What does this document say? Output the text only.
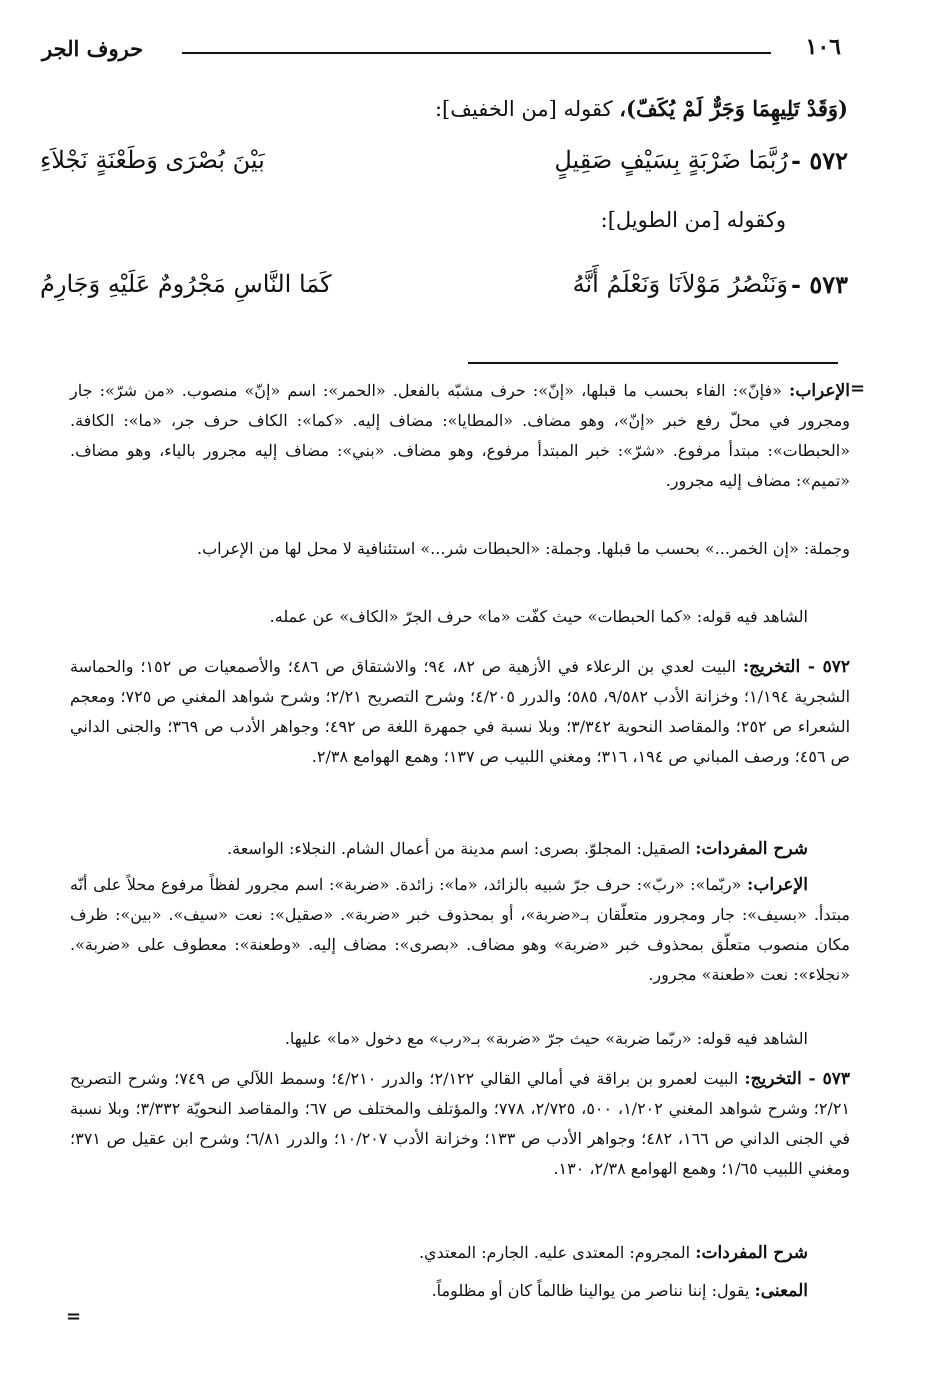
١٠٦
حروف الجر
(وَقَدْ تَلِيهِمَا وَجَرٌّ لَمْ يُكَفّ)، كقوله [من الخفيف]:
٥٧٢ -
رُبَّمَا ضَرْبَةٍ بِسَيْفٍ صَقِيلٍ
بَيْنَ بُصْرَى وَطَعْنَةٍ نَجْلاَءِ
وكقوله [من الطويل]:
٥٧٣ -
وَنَنْصُرُ مَوْلاَنَا وَنَعْلَمُ أَنَّهُ
كَمَا النَّاسِ مَجْرُومٌ عَلَيْهِ وَجَارِمُ
=
الإعراب: «فإنّ»: الفاء بحسب ما قبلها، «إنّ»: حرف مشبّه بالفعل. «الحمر»: اسم «إنّ» منصوب. «من شرّ»: جار ومجرور في محلّ رفع خبر «إنّ»، وهو مضاف. «المطايا»: مضاف إليه. «كما»: الكاف حرف جر، «ما»: الكافة. «الحبطات»: مبتدأ مرفوع. «شرّ»: خبر المبتدأ مرفوع، وهو مضاف. «بني»: مضاف إليه مجرور بالياء، وهو مضاف. «تميم»: مضاف إليه مجرور.
وجملة: «إن الخمر...» بحسب ما قبلها. وجملة: «الحبطات شر...» استئنافية لا محل لها من الإعراب.
الشاهد فيه قوله: «كما الحبطات» حيث كفّت «ما» حرف الجرّ «الكاف» عن عمله.
٥٧٢ - التخريج: البيت لعدي بن الرعلاء في الأزهية ص ٨٢، ٩٤؛ والاشتقاق ص ٤٨٦؛ والأصمعيات ص ١٥٢؛ والحماسة الشجرية ١/١٩٤؛ وخزانة الأدب ٩/٥٨٢، ٥٨٥؛ والدرر ٤/٢٠٥؛ وشرح التصريح ٢/٢١؛ وشرح شواهد المغني ص ٧٢٥؛ ومعجم الشعراء ص ٢٥٢؛ والمقاصد النحوية ٣/٣٤٢؛ وبلا نسبة في جمهرة اللغة ص ٤٩٢؛ وجواهر الأدب ص ٣٦٩؛ والجنى الداني ص ٤٥٦؛ ورصف المباني ص ١٩٤، ٣١٦؛ ومغني اللبيب ص ١٣٧؛ وهمع الهوامع ٢/٣٨.
شرح المفردات: الصقيل: المجلوّ. بصرى: اسم مدينة من أعمال الشام. النجلاء: الواسعة.
الإعراب: «ربّما»: «ربّ»: حرف جرّ شبيه بالزائد، «ما»: زائدة. «ضربة»: اسم مجرور لفظاً مرفوع محلاً على أنّه مبتدأ. «بسيف»: جار ومجرور متعلّقان بـ«ضربة»، أو بمحذوف خبر «ضربة». «صقيل»: نعت «سيف». «بين»: ظرف مكان منصوب متعلّق بمحذوف خبر «ضربة» وهو مضاف. «بصرى»: مضاف إليه. «وطعنة»: معطوف على «ضربة». «نجلاء»: نعت «طعنة» مجرور.
الشاهد فيه قوله: «ربّما ضربة» حيث جرّ «ضربة» بـ«رب» مع دخول «ما» عليها.
٥٧٣ - التخريج: البيت لعمرو بن براقة في أمالي القالي ٢/١٢٢؛ والدرر ٤/٢١٠؛ وسمط اللآلي ص ٧٤٩؛ وشرح التصريح ٢/٢١؛ وشرح شواهد المغني ١/٢٠٢، ٥٠٠، ٢/٧٢٥، ٧٧٨؛ والمؤتلف والمختلف ص ٦٧؛ والمقاصد النحويّة ٣/٣٣٢؛ وبلا نسبة في الجنى الداني ص ١٦٦، ٤٨٢؛ وجواهر الأدب ص ١٣٣؛ وخزانة الأدب ١٠/٢٠٧؛ والدرر ٦/٨١؛ وشرح ابن عقيل ص ٣٧١؛ ومغني اللبيب ١/٦٥؛ وهمع الهوامع ٢/٣٨، ١٣٠.
شرح المفردات: المجروم: المعتدى عليه. الجارم: المعتدي.
المعنى: يقول: إننا نناصر من يوالينا ظالماً كان أو مظلوماً.
=
